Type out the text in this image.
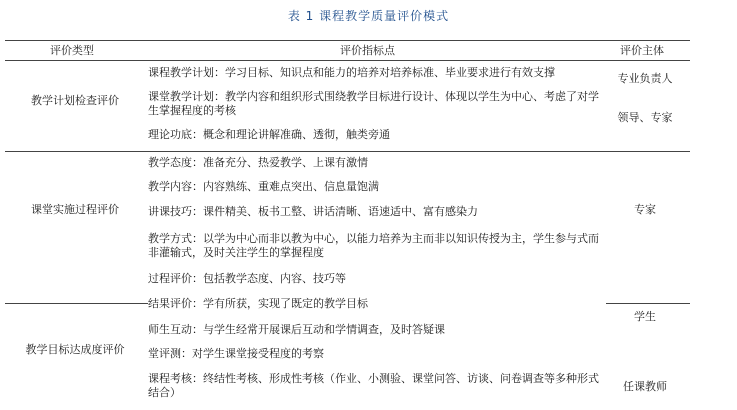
表 1 课程教学质量评价模式
评价类型	评价指标点	评价主体
教学计划检查评价
课程教学计划：学习目标、知识点和能力的培养对培养标准、毕业要求进行有效支撑
课堂教学计划：教学内容和组织形式围绕教学目标进行设计、体现以学生为中心、考虑了对学生掌握程度的考核
理论功底：概念和理论讲解准确、透彻，触类旁通
专业负责人
领导、专家
课堂实施过程评价
教学态度：准备充分、热爱教学、上课有激情
教学内容：内容熟练、重难点突出、信息量饱满
讲课技巧：课件精美、板书工整、讲话清晰、语速适中、富有感染力
教学方式：以学为中心而非以教为中心，以能力培养为主而非以知识传授为主，学生参与式而非灌输式，及时关注学生的掌握程度
过程评价：包括教学态度、内容、技巧等
专家
教学目标达成度评价
结果评价：学有所获，实现了既定的教学目标
师生互动：与学生经常开展课后互动和学情调查，及时答疑课
堂评测：对学生课堂接受程度的考察
课程考核：终结性考核、形成性考核（作业、小测验、课堂问答、访谈、问卷调查等多种形式结合）
学生
任课教师
